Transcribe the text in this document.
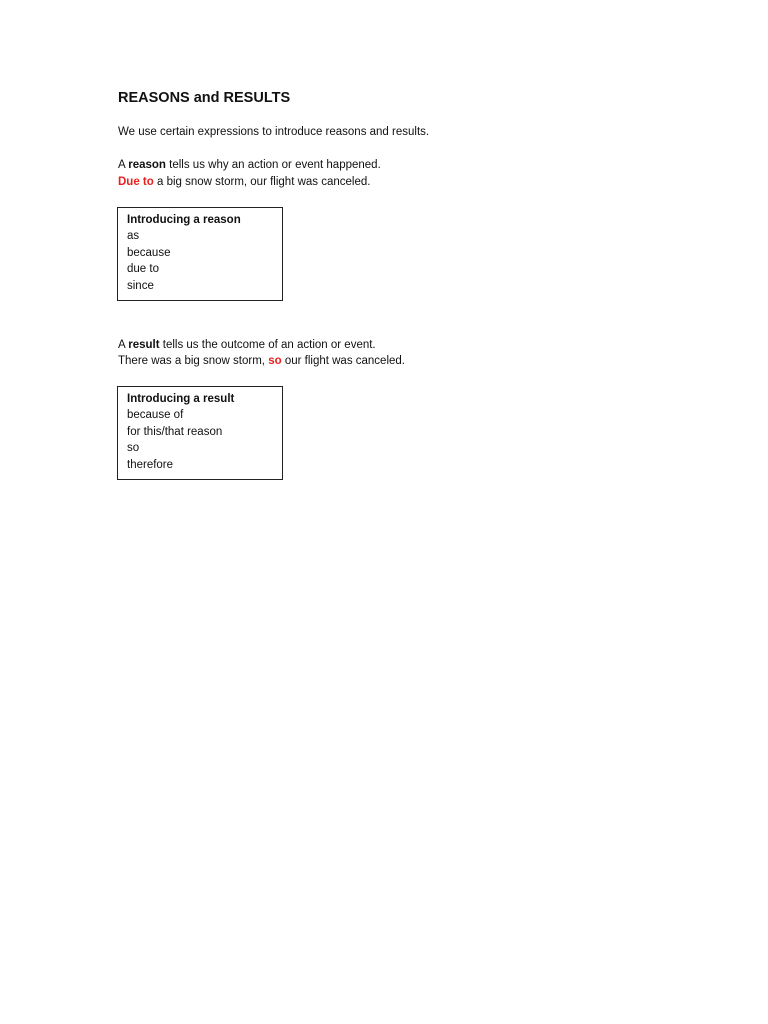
REASONS and RESULTS
We use certain expressions to introduce reasons and results.
A reason tells us why an action or event happened.
Due to a big snow storm, our flight was canceled.
Introducing a reason
as
because
due to
since
A result tells us the outcome of an action or event.
There was a big snow storm, so our flight was canceled.
Introducing a result
because of
for this/that reason
so
therefore
